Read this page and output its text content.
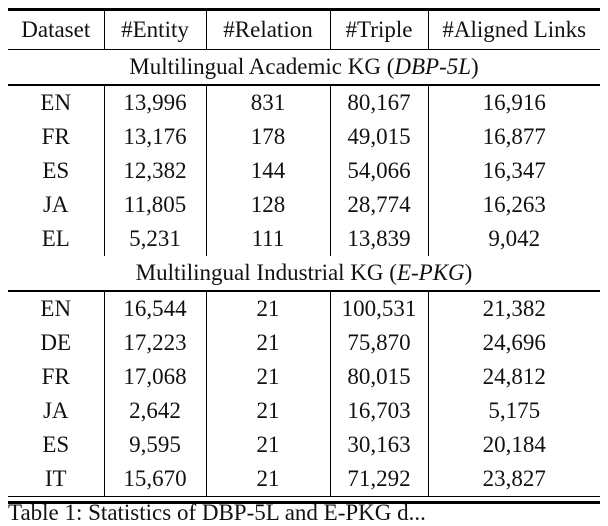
Dataset	#Entity	#Relation	#Triple	#Aligned Links
Multilingual Academic KG (DBP-5L)				
EN	13,996	831	80,167	16,916
FR	13,176	178	49,015	16,877
ES	12,382	144	54,066	16,347
JA	11,805	128	28,774	16,263
EL	5,231	111	13,839	9,042
Multilingual Industrial KG (E-PKG)				
EN	16,544	21	100,531	21,382
DE	17,223	21	75,870	24,696
FR	17,068	21	80,015	24,812
JA	2,642	21	16,703	5,175
ES	9,595	21	30,163	20,184
IT	15,670	21	71,292	23,827
Table 1: Statistics of DBP-5L and E-PKG d...
